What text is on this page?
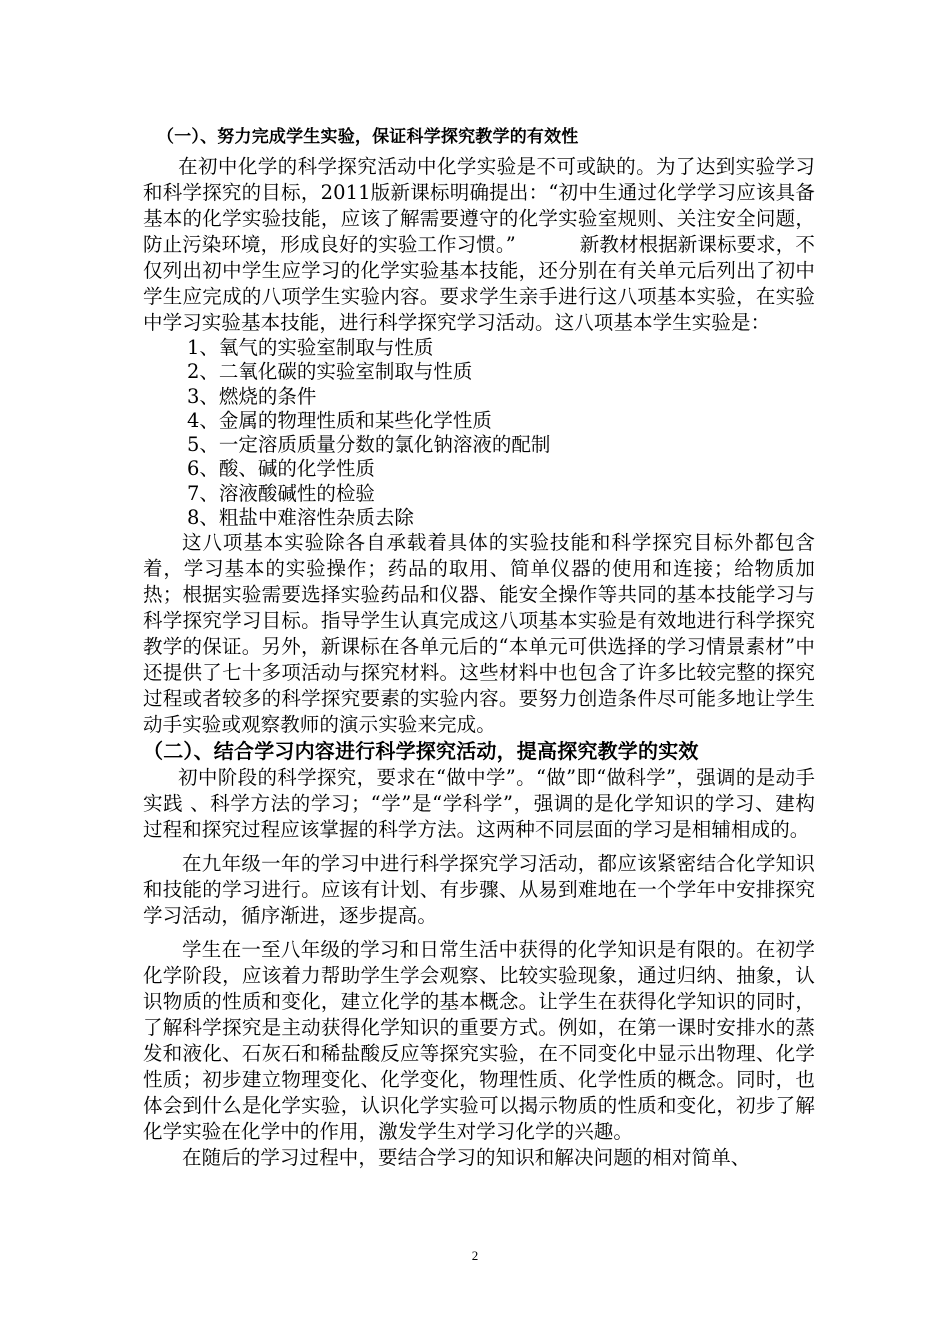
（一）、努力完成学生实验，保证科学探究教学的有效性

在初中化学的科学探究活动中化学实验是不可或缺的。为了达到实验学习和科学探究的目标，2011版新课标明确提出：“初中生通过化学学习应该具备基本的化学实验技能，应该了解需要遵守的化学实验室规则、关注安全问题，防止污染环境，形成良好的实验工作习惯。”	新教材根据新课标要求，不仅列出初中学生应学习的化学实验基本技能，还分别在有关单元后列出了初中学生应完成的八项学生实验内容。要求学生亲手进行这八项基本实验，在实验中学习实验基本技能，进行科学探究学习活动。这八项基本学生实验是：

1、氧气的实验室制取与性质
2、二氧化碳的实验室制取与性质
3、燃烧的条件
4、金属的物理性质和某些化学性质
5、一定溶质质量分数的氯化钠溶液的配制
6、酸、碱的化学性质
7、溶液酸碱性的检验
8、粗盐中难溶性杂质去除

这八项基本实验除各自承载着具体的实验技能和科学探究目标外都包含着，学习基本的实验操作；药品的取用、简单仪器的使用和连接；给物质加热；根据实验需要选择实验药品和仪器、能安全操作等共同的基本技能学习与科学探究学习目标。指导学生认真完成这八项基本实验是有效地进行科学探究教学的保证。另外，新课标在各单元后的“本单元可供选择的学习情景素材”中还提供了七十多项活动与探究材料。这些材料中也包含了许多比较完整的探究过程或者较多的科学探究要素的实验内容。要努力创造条件尽可能多地让学生动手实验或观察教师的演示实验来完成。

（二）、结合学习内容进行科学探究活动，提高探究教学的实效

初中阶段的科学探究，要求在“做中学”。“做”即“做科学”，强调的是动手实践 、科学方法的学习；“学”是“学科学”，强调的是化学知识的学习、建构过程和探究过程应该掌握的科学方法。这两种不同层面的学习是相辅相成的。

在九年级一年的学习中进行科学探究学习活动，都应该紧密结合化学知识和技能的学习进行。应该有计划、有步骤、从易到难地在一个学年中安排探究学习活动，循序渐进，逐步提高。

学生在一至八年级的学习和日常生活中获得的化学知识是有限的。在初学化学阶段，应该着力帮助学生学会观察、比较实验现象，通过归纳、抽象，认识物质的性质和变化，建立化学的基本概念。让学生在获得化学知识的同时，了解科学探究是主动获得化学知识的重要方式。例如，在第一课时安排水的蒸发和液化、石灰石和稀盐酸反应等探究实验，在不同变化中显示出物理、化学性质；初步建立物理变化、化学变化，物理性质、化学性质的概念。同时，也体会到什么是化学实验，认识化学实验可以揭示物质的性质和变化，初步了解化学实验在化学中的作用，激发学生对学习化学的兴趣。

在随后的学习过程中，要结合学习的知识和解决问题的相对简单、

2
